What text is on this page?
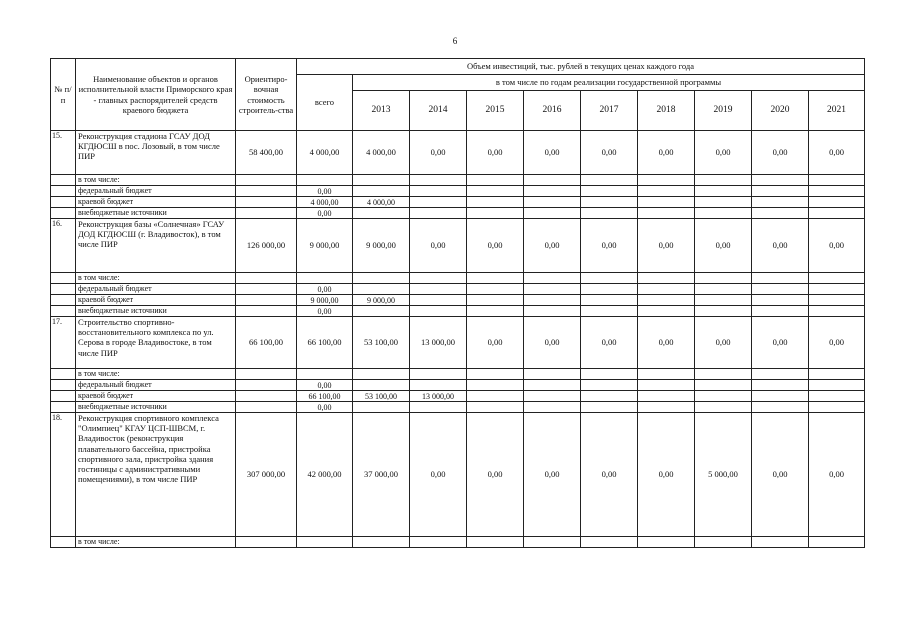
6
№ п/п	Наименование объектов и органов исполнительной власти Приморского края - главных распорядителей средств краевого бюджета	Ориентиро-вочная стоимость строитель-ства	Объем инвестиций, тыс. рублей в текущих ценах каждого года									
			всего	в том числе по годам реализации государственной программы								
				2013	2014	2015	2016	2017	2018	2019	2020	2021
15.	Реконструкция стадиона ГСАУ ДОД КГДЮСШ в пос. Лозовый, в том числе ПИР	58 400,00	4 000,00	4 000,00	0,00	0,00	0,00	0,00	0,00	0,00	0,00	0,00
	в том числе:											
	федеральный бюджет		0,00									
	краевой бюджет		4 000,00	4 000,00								
	внебюджетные источники		0,00									
16.	Реконструкция базы «Солнечная» ГСАУ ДОД КГДЮСШ (г. Владивосток), в том числе ПИР	126 000,00	9 000,00	9 000,00	0,00	0,00	0,00	0,00	0,00	0,00	0,00	0,00
	в том числе:											
	федеральный бюджет		0,00									
	краевой бюджет		9 000,00	9 000,00								
	внебюджетные источники		0,00									
17.	Строительство спортивно-восстановительного комплекса по ул. Серова в городе Владивостоке, в том числе ПИР	66 100,00	66 100,00	53 100,00	13 000,00	0,00	0,00	0,00	0,00	0,00	0,00	0,00
	в том числе:											
	федеральный бюджет		0,00									
	краевой бюджет		66 100,00	53 100,00	13 000,00							
	внебюджетные источники		0,00									
18.	Реконструкция спортивного комплекса "Олимпиец" КГАУ ЦСП-ШВСМ, г. Владивосток (реконструкция плавательного бассейна, пристройка спортивного зала, пристройка здания гостиницы с административными помещениями), в том числе ПИР	307 000,00	42 000,00	37 000,00	0,00	0,00	0,00	0,00	0,00	5 000,00	0,00	0,00
	в том числе:											
